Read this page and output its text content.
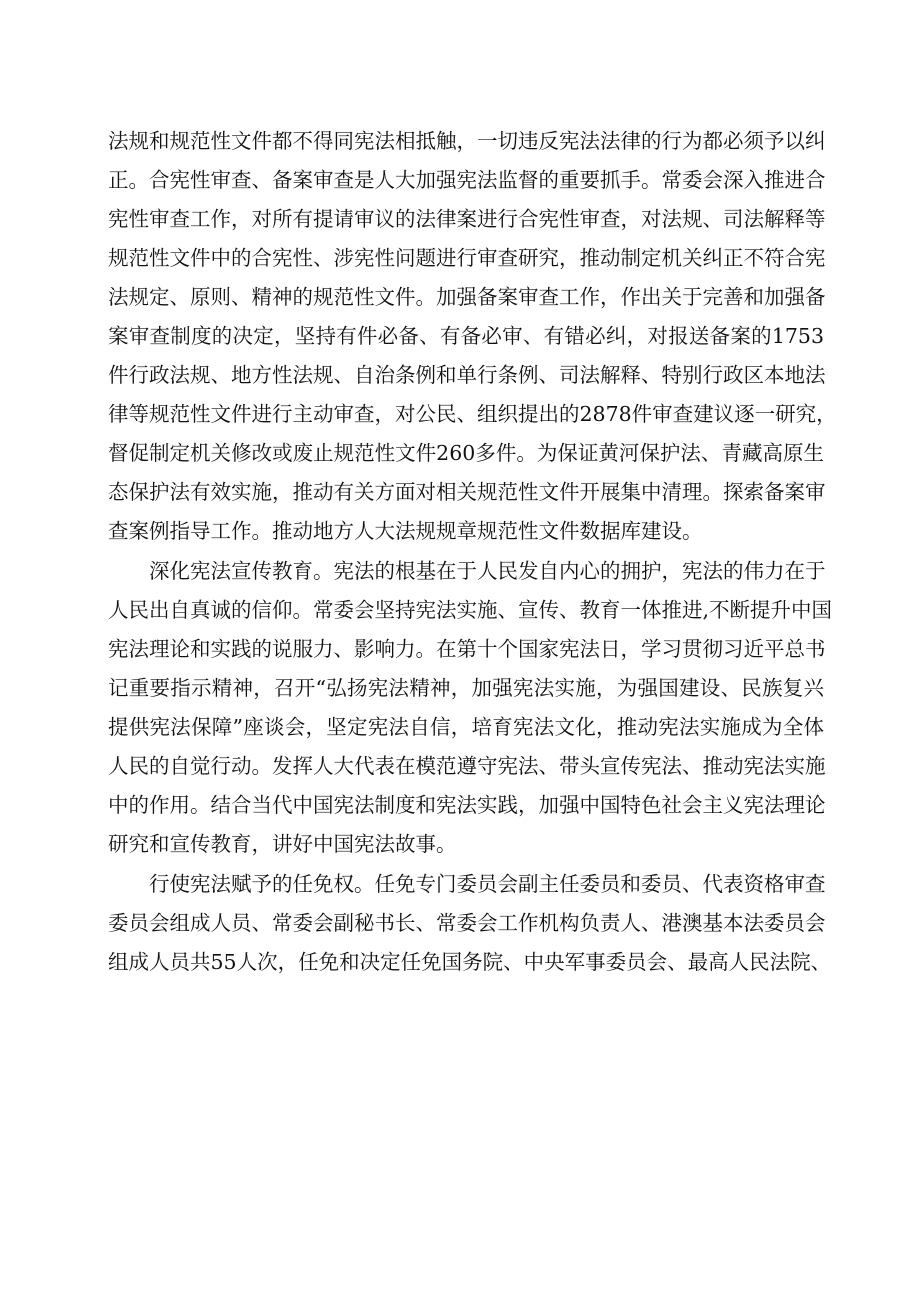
法规和规范性文件都不得同宪法相抵触，一切违反宪法法律的行为都必须予以纠
正。合宪性审查、备案审查是人大加强宪法监督的重要抓手。常委会深入推进合
宪性审查工作，对所有提请审议的法律案进行合宪性审查，对法规、司法解释等
规范性文件中的合宪性、涉宪性问题进行审查研究，推动制定机关纠正不符合宪
法规定、原则、精神的规范性文件。加强备案审查工作，作出关于完善和加强备
案审查制度的决定，坚持有件必备、有备必审、有错必纠，对报送备案的1753
件行政法规、地方性法规、自治条例和单行条例、司法解释、特别行政区本地法
律等规范性文件进行主动审查，对公民、组织提出的2878件审查建议逐一研究，
督促制定机关修改或废止规范性文件260多件。为保证黄河保护法、青藏高原生
态保护法有效实施，推动有关方面对相关规范性文件开展集中清理。探索备案审
查案例指导工作。推动地方人大法规规章规范性文件数据库建设。

　　深化宪法宣传教育。宪法的根基在于人民发自内心的拥护，宪法的伟力在于
人民出自真诚的信仰。常委会坚持宪法实施、宣传、教育一体推进,不断提升中国
宪法理论和实践的说服力、影响力。在第十个国家宪法日，学习贯彻习近平总书
记重要指示精神，召开“弘扬宪法精神，加强宪法实施，为强国建设、民族复兴
提供宪法保障”座谈会，坚定宪法自信，培育宪法文化，推动宪法实施成为全体
人民的自觉行动。发挥人大代表在模范遵守宪法、带头宣传宪法、推动宪法实施
中的作用。结合当代中国宪法制度和宪法实践，加强中国特色社会主义宪法理论
研究和宣传教育，讲好中国宪法故事。

　　行使宪法赋予的任免权。任免专门委员会副主任委员和委员、代表资格审查
委员会组成人员、常委会副秘书长、常委会工作机构负责人、港澳基本法委员会
组成人员共55人次，任免和决定任免国务院、中央军事委员会、最高人民法院、
